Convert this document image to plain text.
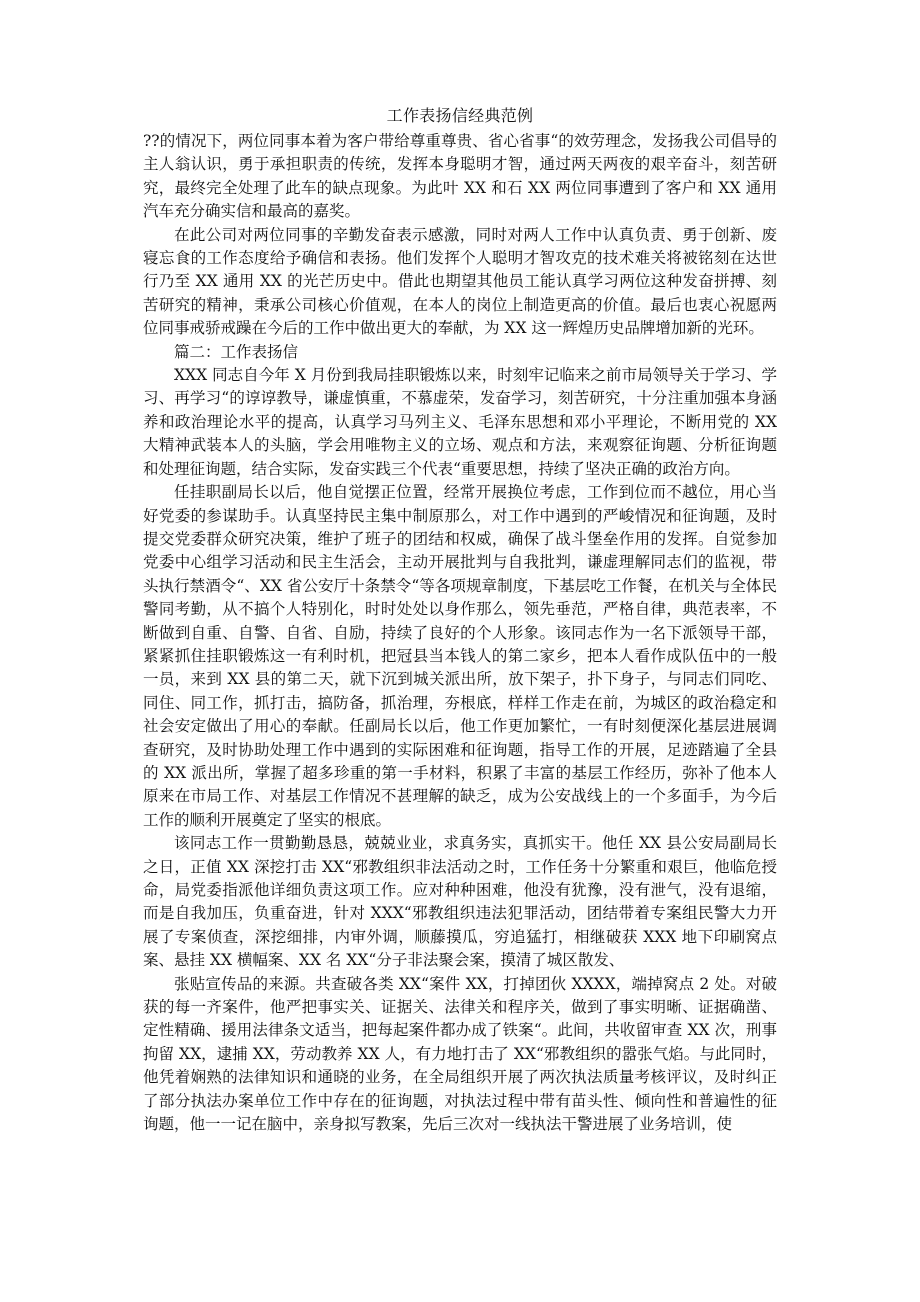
工作表扬信经典范例

??的情况下，两位同事本着为客户带给尊重尊贵、省心省事“的效劳理念，发扬我公司倡导的主人翁认识，勇于承担职责的传统，发挥本身聪明才智，通过两天两夜的艰辛奋斗，刻苦研究，最终完全处理了此车的缺点现象。为此叶 XX 和石 XX 两位同事遭到了客户和 XX 通用汽车充分确实信和最高的嘉奖。

在此公司对两位同事的辛勤发奋表示感激，同时对两人工作中认真负责、勇于创新、废寝忘食的工作态度给予确信和表扬。他们发挥个人聪明才智攻克的技术难关将被铭刻在达世行乃至 XX 通用 XX 的光芒历史中。借此也期望其他员工能认真学习两位这种发奋拼搏、刻苦研究的精神，秉承公司核心价值观，在本人的岗位上制造更高的价值。最后也衷心祝愿两位同事戒骄戒躁在今后的工作中做出更大的奉献，为 XX 这一辉煌历史品牌增加新的光环。

篇二：工作表扬信

XXX 同志自今年 X 月份到我局挂职锻炼以来，时刻牢记临来之前市局领导关于学习、学习、再学习“的谆谆教导，谦虚慎重，不慕虚荣，发奋学习，刻苦研究，十分注重加强本身涵养和政治理论水平的提高，认真学习马列主义、毛泽东思想和邓小平理论，不断用党的 XX 大精神武装本人的头脑，学会用唯物主义的立场、观点和方法，来观察征询题、分析征询题和处理征询题，结合实际，发奋实践三个代表“重要思想，持续了坚决正确的政治方向。

任挂职副局长以后，他自觉摆正位置，经常开展换位考虑，工作到位而不越位，用心当好党委的参谋助手。认真坚持民主集中制原那么，对工作中遇到的严峻情况和征询题，及时提交党委群众研究决策，维护了班子的团结和权威，确保了战斗堡垒作用的发挥。自觉参加党委中心组学习活动和民主生活会，主动开展批判与自我批判，谦虚理解同志们的监视，带头执行禁酒令“、XX 省公安厅十条禁令“等各项规章制度，下基层吃工作餐，在机关与全体民警同考勤，从不搞个人特别化，时时处处以身作那么，领先垂范，严格自律，典范表率，不断做到自重、自警、自省、自励，持续了良好的个人形象。该同志作为一名下派领导干部，紧紧抓住挂职锻炼这一有利时机，把冠县当本钱人的第二家乡，把本人看作成队伍中的一般一员，来到 XX 县的第二天，就下沉到城关派出所，放下架子，扑下身子，与同志们同吃、同住、同工作，抓打击，搞防备，抓治理，夯根底，样样工作走在前，为城区的政治稳定和社会安定做出了用心的奉献。任副局长以后，他工作更加繁忙，一有时刻便深化基层进展调查研究，及时协助处理工作中遇到的实际困难和征询题，指导工作的开展，足迹踏遍了全县的 XX 派出所，掌握了超多珍重的第一手材料，积累了丰富的基层工作经历，弥补了他本人原来在市局工作、对基层工作情况不甚理解的缺乏，成为公安战线上的一个多面手，为今后工作的顺利开展奠定了坚实的根底。

该同志工作一贯勤勤恳恳，兢兢业业，求真务实，真抓实干。他任 XX 县公安局副局长之日，正值 XX 深挖打击 XX“邪教组织非法活动之时，工作任务十分繁重和艰巨，他临危授命，局党委指派他详细负责这项工作。应对种种困难，他没有犹豫，没有泄气，没有退缩，而是自我加压，负重奋进，针对 XXX“邪教组织违法犯罪活动，团结带着专案组民警大力开展了专案侦查，深挖细排，内审外调，顺藤摸瓜，穷追猛打，相继破获 XXX 地下印刷窝点案、悬挂 XX 横幅案、XX 名 XX“分子非法聚会案，摸清了城区散发、

张贴宣传品的来源。共查破各类 XX“案件 XX，打掉团伙 XXXX，端掉窝点 2 处。对破获的每一齐案件，他严把事实关、证据关、法律关和程序关，做到了事实明晰、证据确凿、定性精确、援用法律条文适当，把每起案件都办成了铁案“。此间，共收留审查 XX 次，刑事拘留 XX，逮捕 XX，劳动教养 XX 人，有力地打击了 XX“邪教组织的嚣张气焰。与此同时，他凭着娴熟的法律知识和通晓的业务，在全局组织开展了两次执法质量考核评议，及时纠正了部分执法办案单位工作中存在的征询题，对执法过程中带有苗头性、倾向性和普遍性的征询题，他一一记在脑中，亲身拟写教案，先后三次对一线执法干警进展了业务培训，使
